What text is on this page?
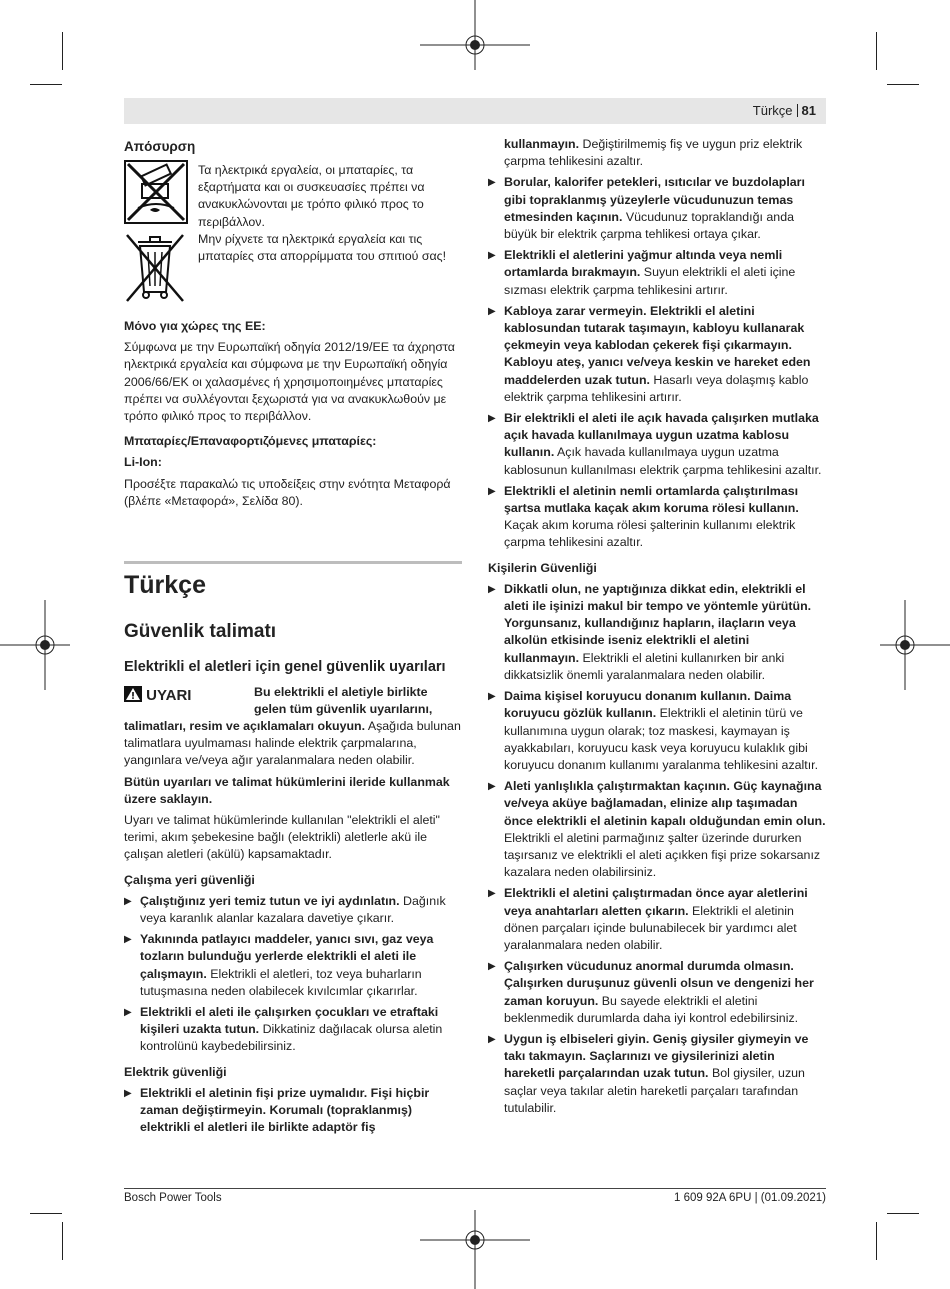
Türkçe 81

Απόσυρση

Τα ηλεκτρικά εργαλεία, οι μπαταρίες, τα εξαρτήματα και οι συσκευασίες πρέπει να ανακυκλώνονται με τρόπο φιλικό προς το περιβάλλον.

Μην ρίχνετε τα ηλεκτρικά εργαλεία και τις μπαταρίες στα απορρίμματα του σπιτιού σας!

Μόνο για χώρες της ΕΕ:

Σύμφωνα με την Ευρωπαϊκή οδηγία 2012/19/ΕΕ τα άχρηστα ηλεκτρικά εργαλεία και σύμφωνα με την Ευρωπαϊκή οδηγία 2006/66/ΕΚ οι χαλασμένες ή χρησιμοποιημένες μπαταρίες πρέπει να συλλέγονται ξεχωριστά για να ανακυκλωθούν με τρόπο φιλικό προς το περιβάλλον.

Μπαταρίες/Επαναφορτιζόμενες μπαταρίες:

Li-Ion:

Προσέξτε παρακαλώ τις υποδείξεις στην ενότητα Μεταφορά (βλέπε «Μεταφορά», Σελίδα 80).

Türkçe

Güvenlik talimatı

Elektrikli el aletleri için genel güvenlik uyarıları

UYARI	Bu elektrikli el aletiyle birlikte gelen tüm güvenlik uyarılarını,

talimatları, resim ve açıklamaları okuyun. Aşağıda bulunan talimatlara uyulmaması halinde elektrik çarpmalarına, yangınlara ve/veya ağır yaralanmalara neden olabilir.

Bütün uyarıları ve talimat hükümlerini ileride kullanmak üzere saklayın.

Uyarı ve talimat hükümlerinde kullanılan "elektrikli el aleti" terimi, akım şebekesine bağlı (elektrikli) aletlerle akü ile çalışan aletleri (akülü) kapsamaktadır.

Çalışma yeri güvenliği

▶ Çalıştığınız yeri temiz tutun ve iyi aydınlatın. Dağınık veya karanlık alanlar kazalara davetiye çıkarır.
▶ Yakınında patlayıcı maddeler, yanıcı sıvı, gaz veya tozların bulunduğu yerlerde elektrikli el aleti ile çalışmayın. Elektrikli el aletleri, toz veya buharların tutuşmasına neden olabilecek kıvılcımlar çıkarırlar.
▶ Elektrikli el aleti ile çalışırken çocukları ve etraftaki kişileri uzakta tutun. Dikkatiniz dağılacak olursa aletin kontrolünü kaybedebilirsiniz.

Elektrik güvenliği

▶ Elektrikli el aletinin fişi prize uymalıdır. Fişi hiçbir zaman değiştirmeyin. Korumalı (topraklanmış) elektrikli el aletleri ile birlikte adaptör fiş
kullanmayın. Değiştirilmemiş fiş ve uygun priz elektrik çarpma tehlikesini azaltır.
▶ Borular, kalorifer petekleri, ısıtıcılar ve buzdolapları gibi topraklanmış yüzeylerle vücudunuzun temas etmesinden kaçının. Vücudunuz topraklandığı anda büyük bir elektrik çarpma tehlikesi ortaya çıkar.
▶ Elektrikli el aletlerini yağmur altında veya nemli ortamlarda bırakmayın. Suyun elektrikli el aleti içine sızması elektrik çarpma tehlikesini artırır.
▶ Kabloya zarar vermeyin. Elektrikli el aletini kablosundan tutarak taşımayın, kabloyu kullanarak çekmeyin veya kablodan çekerek fişi çıkarmayın. Kabloyu ateş, yanıcı ve/veya keskin ve hareket eden maddelerden uzak tutun. Hasarlı veya dolaşmış kablo elektrik çarpma tehlikesini artırır.
▶ Bir elektrikli el aleti ile açık havada çalışırken mutlaka açık havada kullanılmaya uygun uzatma kablosu kullanın. Açık havada kullanılmaya uygun uzatma kablosunun kullanılması elektrik çarpma tehlikesini azaltır.
▶ Elektrikli el aletinin nemli ortamlarda çalıştırılması şartsa mutlaka kaçak akım koruma rölesi kullanın. Kaçak akım koruma rölesi şalterinin kullanımı elektrik çarpma tehlikesini azaltır.

Kişilerin Güvenliği

▶ Dikkatli olun, ne yaptığınıza dikkat edin, elektrikli el aleti ile işinizi makul bir tempo ve yöntemle yürütün. Yorgunsanız, kullandığınız hapların, ilaçların veya alkolün etkisinde iseniz elektrikli el aletini kullanmayın. Elektrikli el aletini kullanırken bir anki dikkatsizlik önemli yaralanmalara neden olabilir.
▶ Daima kişisel koruyucu donanım kullanın. Daima koruyucu gözlük kullanın. Elektrikli el aletinin türü ve kullanımına uygun olarak; toz maskesi, kaymayan iş ayakkabıları, koruyucu kask veya koruyucu kulaklık gibi koruyucu donanım kullanımı yaralanma tehlikesini azaltır.
▶ Aleti yanlışlıkla çalıştırmaktan kaçının. Güç kaynağına ve/veya aküye bağlamadan, elinize alıp taşımadan önce elektrikli el aletinin kapalı olduğundan emin olun. Elektrikli el aletini parmağınız şalter üzerinde dururken taşırsanız ve elektrikli el aleti açıkken fişi prize sokarsanız kazalara neden olabilirsiniz.
▶ Elektrikli el aletini çalıştırmadan önce ayar aletlerini veya anahtarları aletten çıkarın. Elektrikli el aletinin dönen parçaları içinde bulunabilecek bir yardımcı alet yaralanmalara neden olabilir.
▶ Çalışırken vücudunuz anormal durumda olmasın. Çalışırken duruşunuz güvenli olsun ve dengenizi her zaman koruyun. Bu sayede elektrikli el aletini beklenmedik durumlarda daha iyi kontrol edebilirsiniz.
▶ Uygun iş elbiseleri giyin. Geniş giysiler giymeyin ve takı takmayın. Saçlarınızı ve giysilerinizi aletin hareketli parçalarından uzak tutun. Bol giysiler, uzun saçlar veya takılar aletin hareketli parçaları tarafından tutulabilir.
Bosch Power Tools	1 609 92A 6PU | (01.09.2021)
